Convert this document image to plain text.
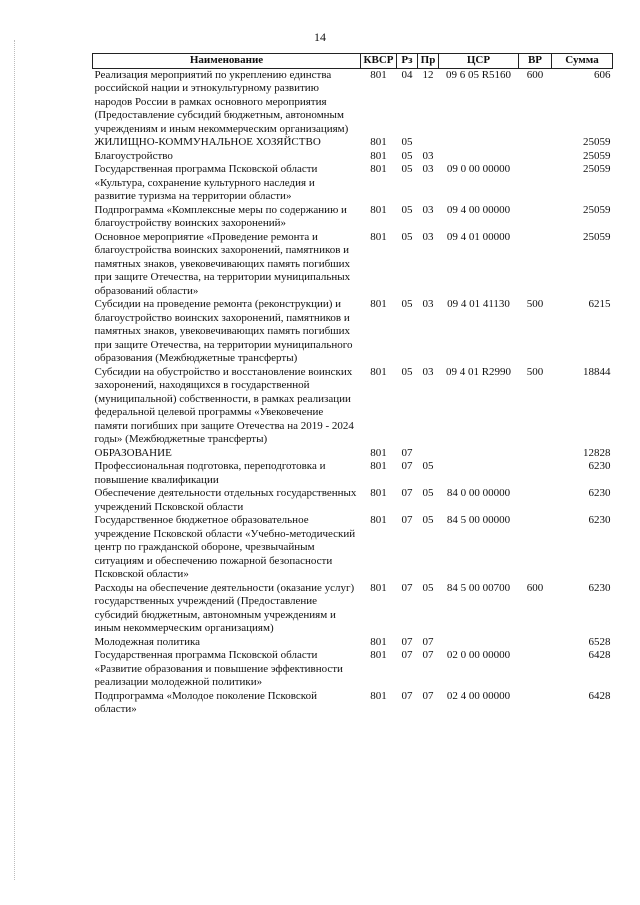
14
Наименование	КВСР	Рз	Пр	ЦСР	ВР	Сумма
Реализация мероприятий по укреплению единства российской нации и этнокультурному развитию народов России в рамках основного мероприятия (Предоставление субсидий бюджетным, автономным учреждениям и иным некоммерческим организациям)	801	04	12	09 6 05 R5160	600	606
ЖИЛИЩНО-КОММУНАЛЬНОЕ ХОЗЯЙСТВО	801	05				25059
Благоустройство	801	05	03			25059
Государственная программа Псковской области «Культура, сохранение культурного наследия и развитие туризма на территории области»	801	05	03	09 0 00 00000		25059
Подпрограмма «Комплексные меры по содержанию и благоустройству воинских захоронений»	801	05	03	09 4 00 00000		25059
Основное мероприятие «Проведение ремонта и благоустройства воинских захоронений, памятников и памятных знаков, увековечивающих память погибших при защите Отечества, на территории муниципальных образований области»	801	05	03	09 4 01 00000		25059
Субсидии на проведение ремонта (реконструкции) и благоустройство воинских захоронений, памятников и памятных знаков, увековечивающих память погибших при защите Отечества, на территории муниципального образования (Межбюджетные трансферты)	801	05	03	09 4 01 41130	500	6215
Субсидии на обустройство и восстановление воинских захоронений, находящихся в государственной (муниципальной) собственности, в рамках реализации федеральной целевой программы «Увековечение памяти погибших при защите Отечества на 2019 - 2024 годы» (Межбюджетные трансферты)	801	05	03	09 4 01 R2990	500	18844
ОБРАЗОВАНИЕ	801	07				12828
Профессиональная подготовка, переподготовка и повышение квалификации	801	07	05			6230
Обеспечение деятельности отдельных государственных учреждений Псковской области	801	07	05	84 0 00 00000		6230
Государственное бюджетное образовательное учреждение Псковской области «Учебно-методический центр по гражданской обороне, чрезвычайным ситуациям и обеспечению пожарной безопасности Псковской области»	801	07	05	84 5 00 00000		6230
Расходы на обеспечение деятельности (оказание услуг) государственных учреждений (Предоставление субсидий бюджетным, автономным учреждениям и иным некоммерческим организациям)	801	07	05	84 5 00 00700	600	6230
Молодежная политика	801	07	07			6528
Государственная программа Псковской области «Развитие образования и повышение эффективности реализации молодежной политики»	801	07	07	02 0 00 00000		6428
Подпрограмма «Молодое поколение Псковской области»	801	07	07	02 4 00 00000		6428
